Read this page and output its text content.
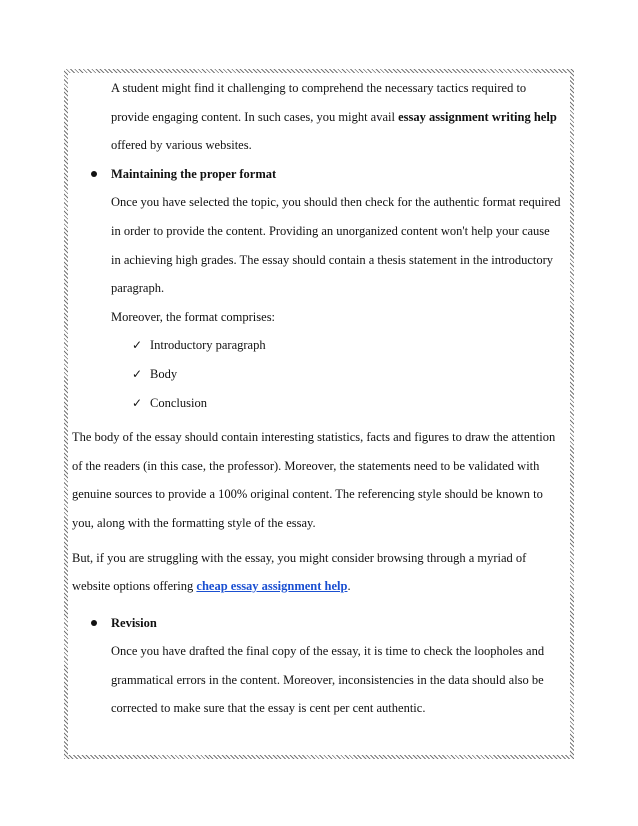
A student might find it challenging to comprehend the necessary tactics required to

provide engaging content. In such cases, you might avail essay assignment writing help

offered by various websites.

Maintaining the proper format

Once you have selected the topic, you should then check for the authentic format required

in order to provide the content. Providing an unorganized content won't help your cause

in achieving high grades. The essay should contain a thesis statement in the introductory

paragraph.

Moreover, the format comprises:

✓ Introductory paragraph
✓ Body
✓ Conclusion

The body of the essay should contain interesting statistics, facts and figures to draw the attention

of the readers (in this case, the professor). Moreover, the statements need to be validated with

genuine sources to provide a 100% original content. The referencing style should be known to

you, along with the formatting style of the essay.

But, if you are struggling with the essay, you might consider browsing through a myriad of

website options offering cheap essay assignment help.

Revision

Once you have drafted the final copy of the essay, it is time to check the loopholes and

grammatical errors in the content. Moreover, inconsistencies in the data should also be

corrected to make sure that the essay is cent per cent authentic.
